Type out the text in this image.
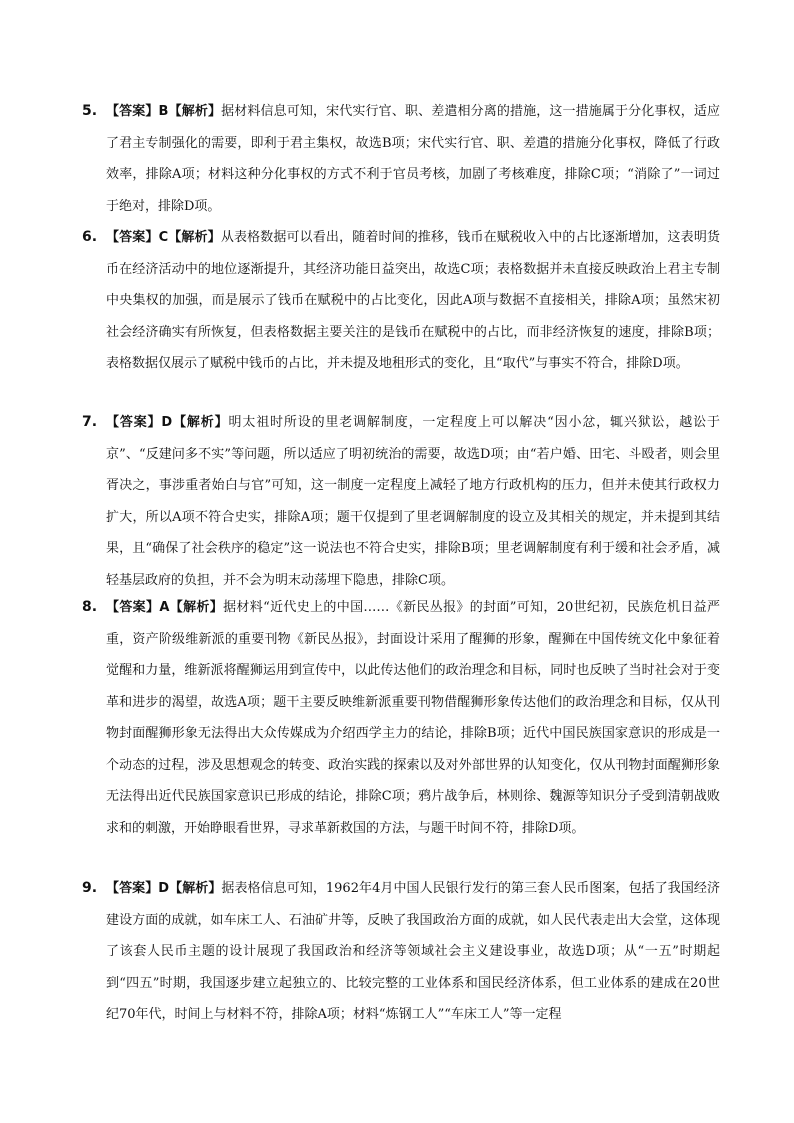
5. 【答案】B【解析】据材料信息可知，宋代实行官、职、差遣相分离的措施，这一措施属于分化事权，适应了君主专制强化的需要，即利于君主集权，故选B项；宋代实行官、职、差遣的措施分化事权，降低了行政效率，排除A项；材料这种分化事权的方式不利于官员考核，加剧了考核难度，排除C项；“消除了”一词过于绝对，排除D项。

6. 【答案】C【解析】从表格数据可以看出，随着时间的推移，钱币在赋税收入中的占比逐渐增加，这表明货币在经济活动中的地位逐渐提升，其经济功能日益突出，故选C项；表格数据并未直接反映政治上君主专制中央集权的加强，而是展示了钱币在赋税中的占比变化，因此A项与数据不直接相关，排除A项；虽然宋初社会经济确实有所恢复，但表格数据主要关注的是钱币在赋税中的占比，而非经济恢复的速度，排除B项；表格数据仅展示了赋税中钱币的占比，并未提及地租形式的变化，且“取代”与事实不符合，排除D项。

7. 【答案】D【解析】明太祖时所设的里老调解制度，一定程度上可以解决“因小忿，辄兴狱讼，越讼于京”、“反建问多不实”等问题，所以适应了明初统治的需要，故选D项；由“若户婚、田宅、斗殴者，则会里胥决之，事涉重者始白与官”可知，这一制度一定程度上减轻了地方行政机构的压力，但并未使其行政权力扩大，所以A项不符合史实，排除A项；题干仅提到了里老调解制度的设立及其相关的规定，并未提到其结果，且“确保了社会秩序的稳定”这一说法也不符合史实，排除B项；里老调解制度有利于缓和社会矛盾，减轻基层政府的负担，并不会为明末动荡埋下隐患，排除C项。

8. 【答案】A【解析】据材料“近代史上的中国……《新民丛报》的封面”可知，20世纪初，民族危机日益严重，资产阶级维新派的重要刊物《新民丛报》，封面设计采用了醒狮的形象，醒狮在中国传统文化中象征着觉醒和力量，维新派将醒狮运用到宣传中，以此传达他们的政治理念和目标，同时也反映了当时社会对于变革和进步的渴望，故选A项；题干主要反映维新派重要刊物借醒狮形象传达他们的政治理念和目标，仅从刊物封面醒狮形象无法得出大众传媒成为介绍西学主力的结论，排除B项；近代中国民族国家意识的形成是一个动态的过程，涉及思想观念的转变、政治实践的探索以及对外部世界的认知变化，仅从刊物封面醒狮形象无法得出近代民族国家意识已形成的结论，排除C项；鸦片战争后，林则徐、魏源等知识分子受到清朝战败求和的刺激，开始睁眼看世界，寻求革新救国的方法，与题干时间不符，排除D项。

9. 【答案】D【解析】据表格信息可知，1962年4月中国人民银行发行的第三套人民币图案，包括了我国经济建设方面的成就，如车床工人、石油矿井等，反映了我国政治方面的成就，如人民代表走出大会堂，这体现了该套人民币主题的设计展现了我国政治和经济等领域社会主义建设事业，故选D项；从“一五”时期起到“四五”时期，我国逐步建立起独立的、比较完整的工业体系和国民经济体系，但工业体系的建成在20世纪70年代，时间上与材料不符，排除A项；材料“炼钢工人”“车床工人”等一定程
